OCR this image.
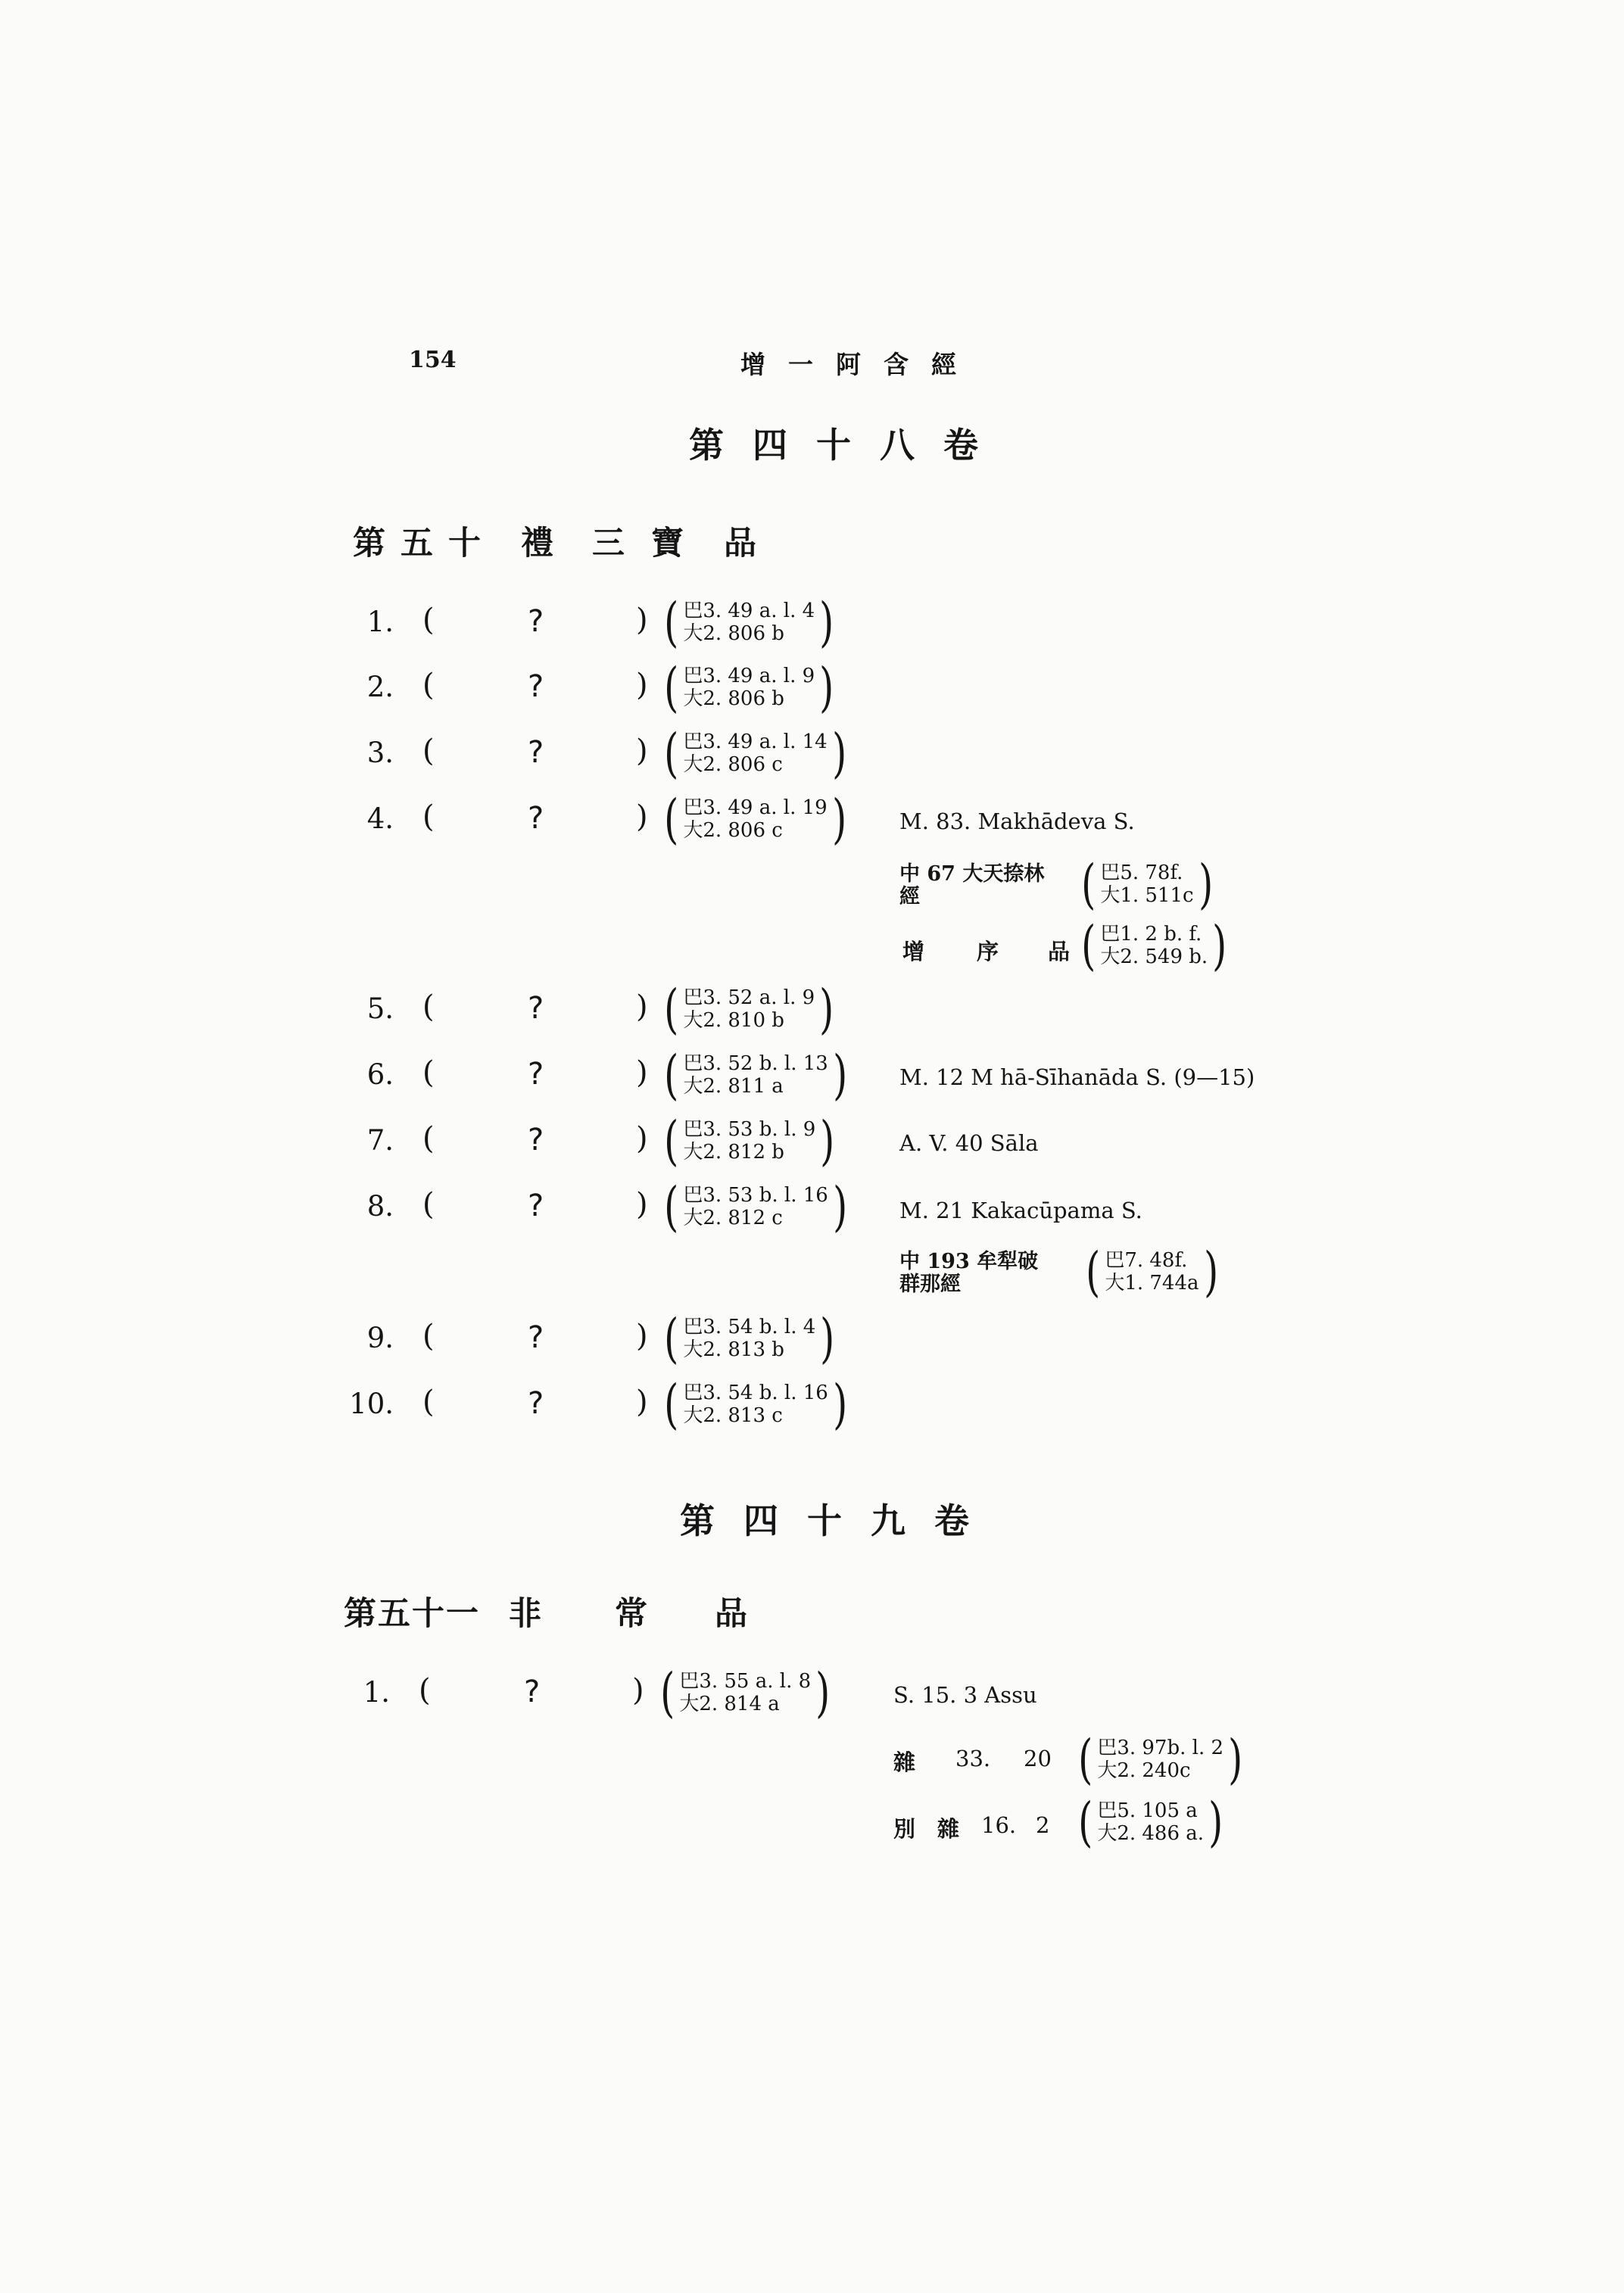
154	增一阿含經
第四十八卷
第五十 禮 三 寶 品
1. (	?	) ( 巴3. 49 a. l. 4
大2. 806 b )
2. (	?	) ( 巴3. 49 a. l. 9
大2. 806 b )
3. (	?	) ( 巴3. 49 a. l. 14
大2. 806 c )
4. (	?	) ( 巴3. 49 a. l. 19
大2. 806 c ) M. 83. Makhādeva S.
中 67 大天捺林
經	( 巴5. 78f.
大1. 511c )
增 序 品 ( 巴1. 2 b. f.
大2. 549 b. )
5. (	?	) ( 巴3. 52 a. l. 9
大2. 810 b )
6. (	?	) ( 巴3. 52 b. l. 13
大2. 811 a ) M. 12 M hā-Sīhanāda S. (9—15)
7. (	?	) ( 巴3. 53 b. l. 9
大2. 812 b )	A. V. 40 Sāla
8. (	?	) ( 巴3. 53 b. l. 16
大2. 812 c ) M. 21 Kakacūpama S.
中 193 牟犁破
群那經	( 巴7. 48f.
大1. 744a )
9. (	?	) ( 巴3. 54 b. l. 4
大2. 813 b )
10. (	?	) ( 巴3. 54 b. l. 16
大2. 813 c )
第四十九卷
第五十一 非 常 品
1. (	?	) ( 巴3. 55 a. l. 8
大2. 814 a )	S. 15. 3 Assu
雜 33. 20 ( 巴3. 97b. l. 2
大2. 240c )
別 雜 16. 2 ( 巴5. 105 a
大2. 486 a. )
